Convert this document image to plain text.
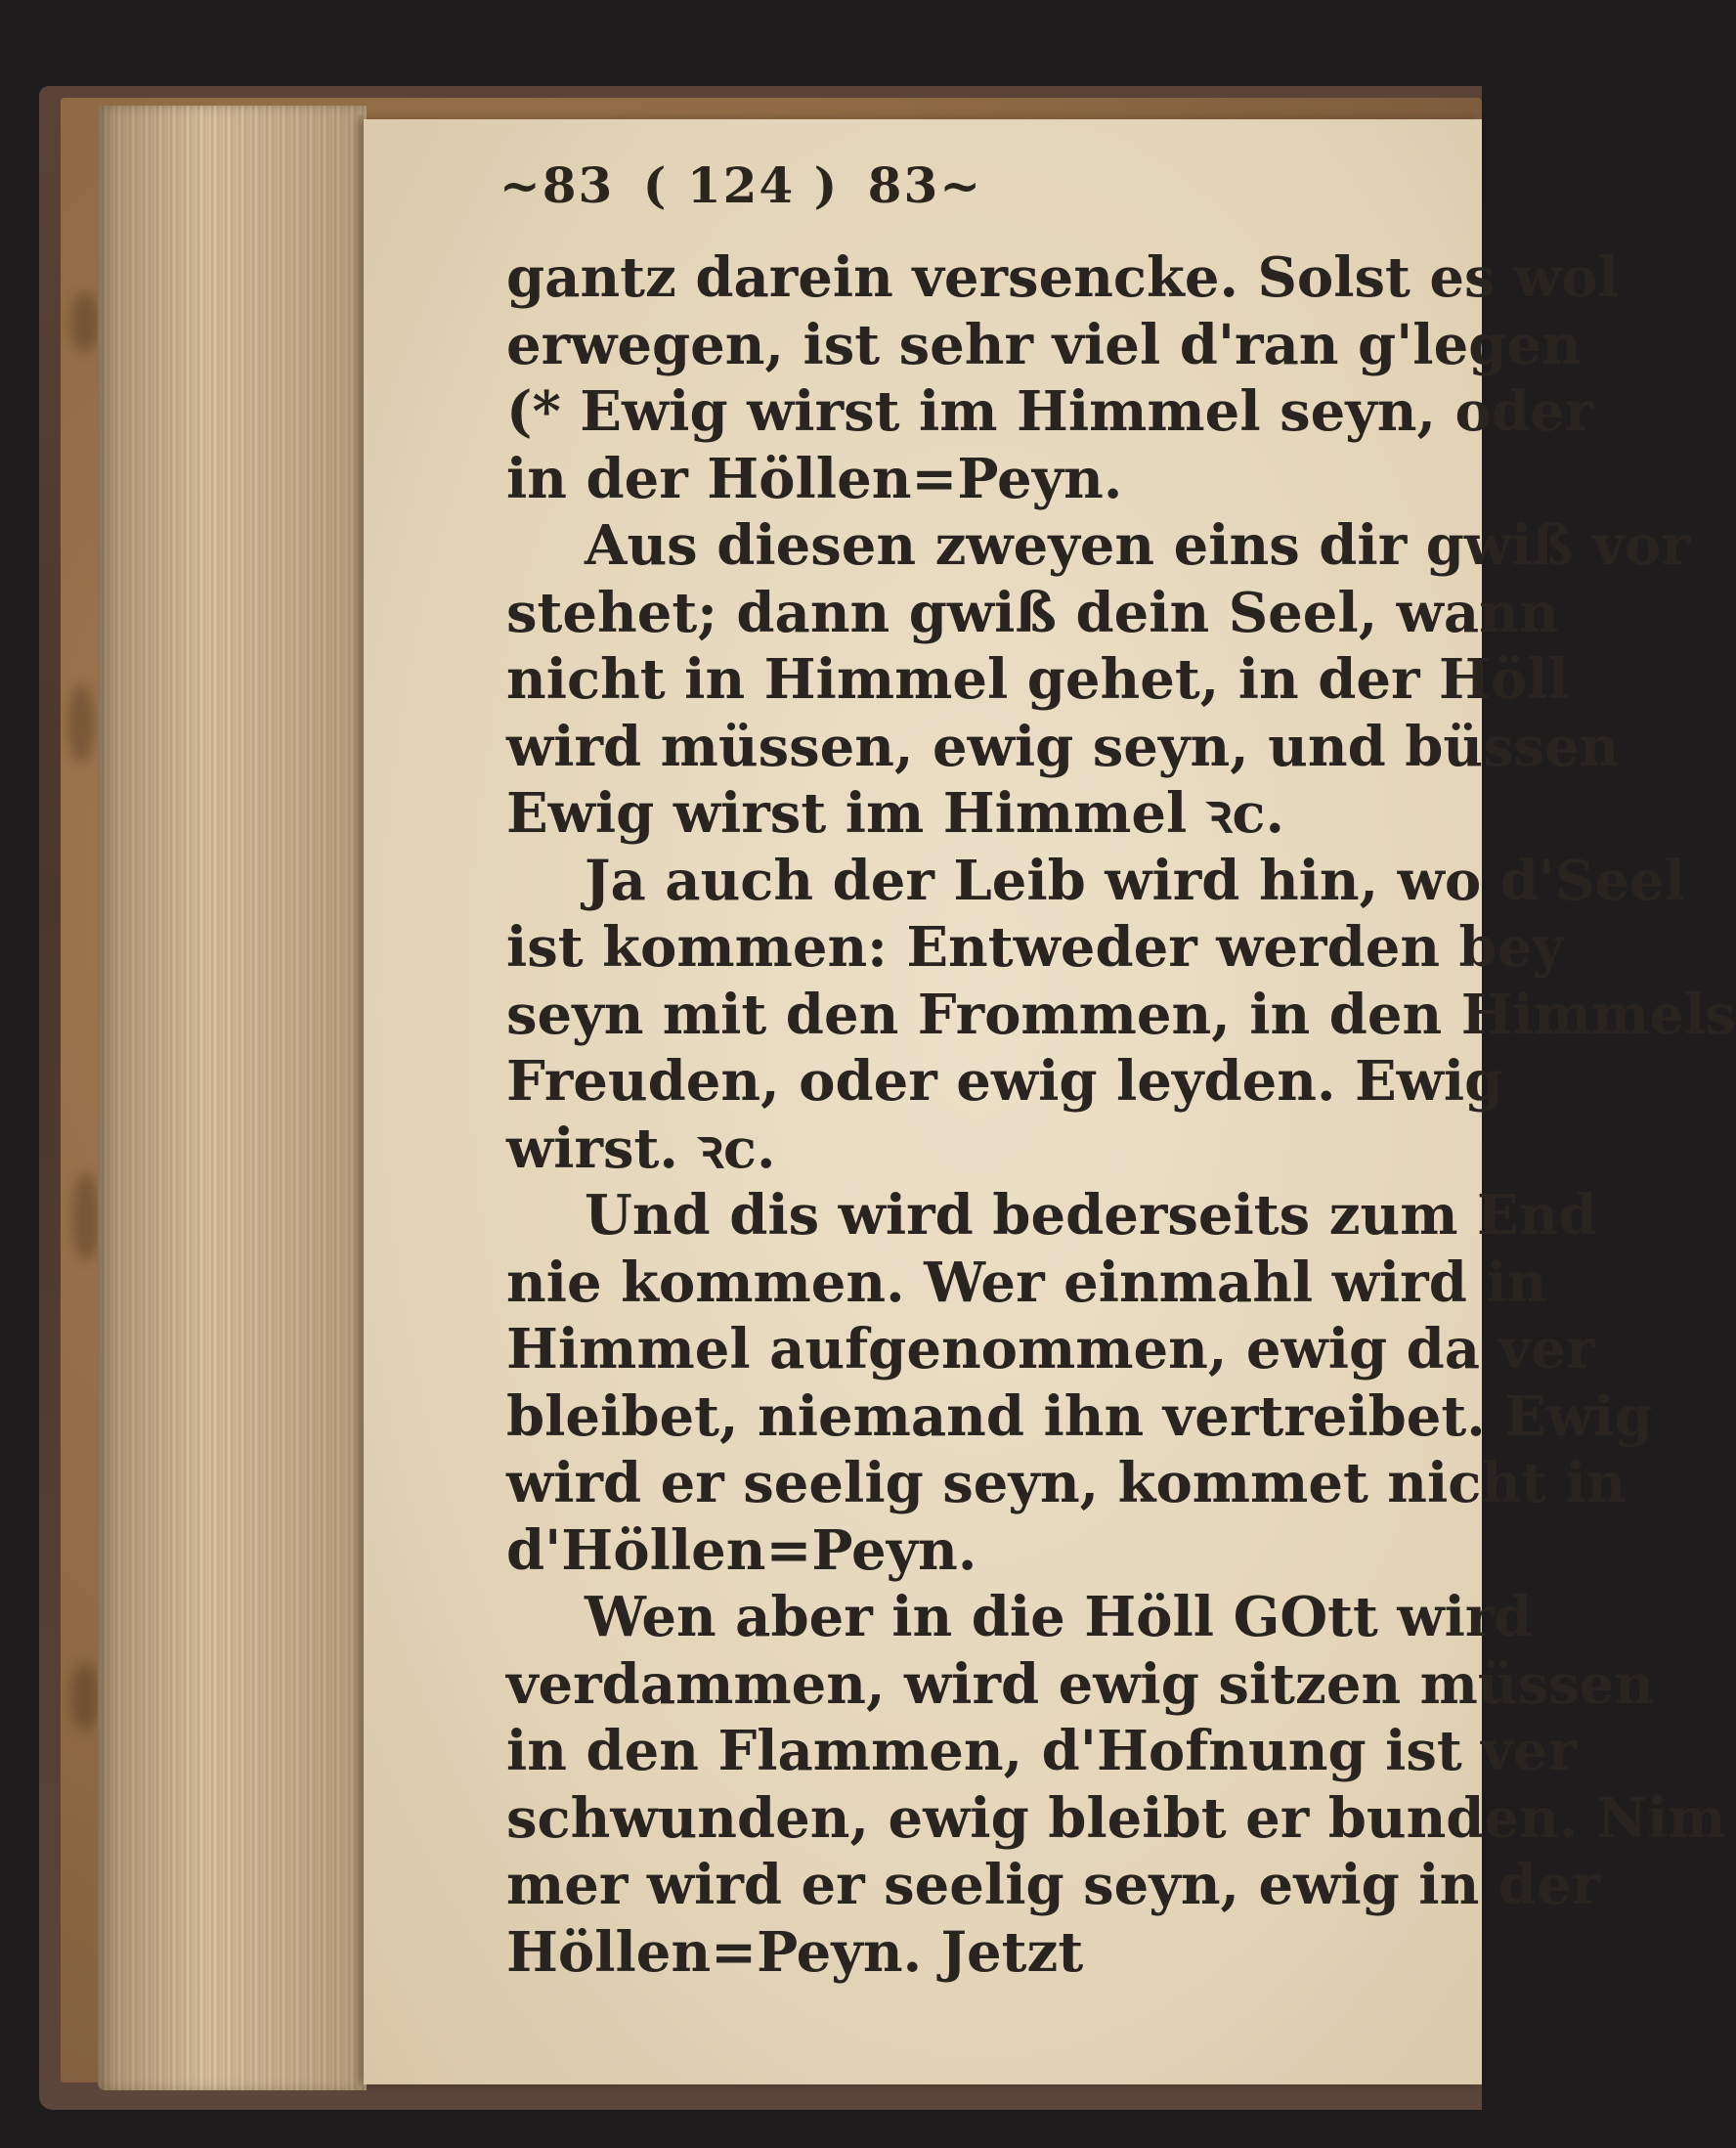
~83 ( 124 ) 83~
gantz darein versencke. Solst es wol
erwegen, ist sehr viel d'ran g'legen
(* Ewig wirst im Himmel seyn, oder
in der Höllen=Peyn.
Aus diesen zweyen eins dir gwiß vor
stehet; dann gwiß dein Seel, wann
nicht in Himmel gehet, in der Höll
wird müssen, ewig seyn, und büssen
Ewig wirst im Himmel ꝛc.
Ja auch der Leib wird hin, wo d'Seel
ist kommen: Entweder werden bey
seyn mit den Frommen, in den Himmels
Freuden, oder ewig leyden. Ewig
wirst. ꝛc.
Und dis wird bederseits zum End
nie kommen. Wer einmahl wird in
Himmel aufgenommen, ewig da ver
bleibet, niemand ihn vertreibet. Ewig
wird er seelig seyn, kommet nicht in
d'Höllen=Peyn.
Wen aber in die Höll GOtt wird
verdammen, wird ewig sitzen müssen
in den Flammen, d'Hofnung ist ver
schwunden, ewig bleibt er bunden. Nim
mer wird er seelig seyn, ewig in der
Höllen=Peyn. Jetzt
